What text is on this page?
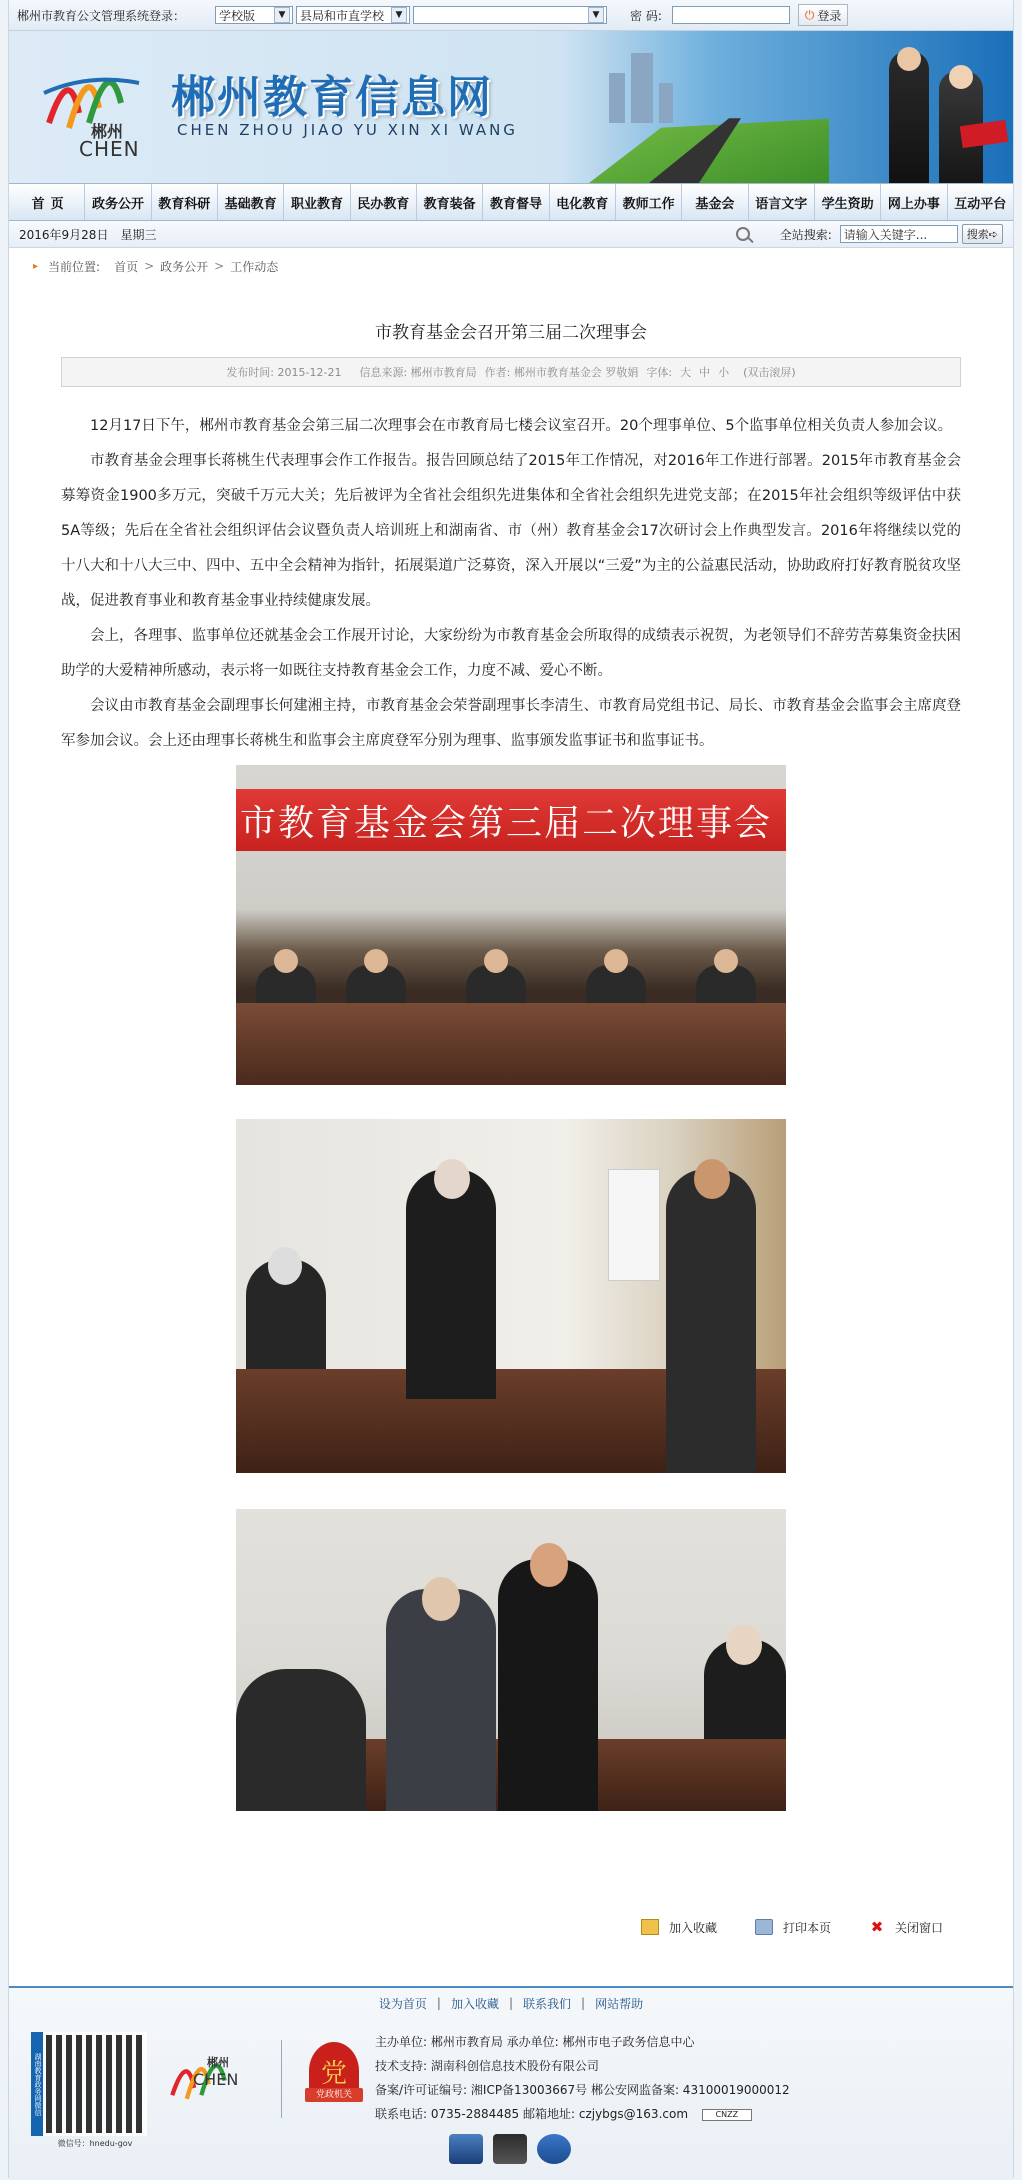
郴州市教育公文管理系统登录：	学校版	▼	县局和市直学校	▼	▼	密 码:	⏻ 登录
郴州
CHEN
郴州教育信息网
CHEN ZHOU JIAO YU XIN XI WANG
首页	政务公开	教育科研	基础教育	职业教育	民办教育	教育装备	教育督导	电化教育	教师工作	基金会	语言文字	学生资助	网上办事	互动平台
2016年9月28日 星期三	全站搜索: 请输入关键字...	搜索 ➪
▸ 当前位置: 首页 > 政务公开 > 工作动态
市教育基金会召开第三届二次理事会
发布时间: 2015-12-21 信息来源: 郴州市教育局 作者: 郴州市教育基金会 罗敬娟 字体: 大 中 小 (双击滚屏)

12月17日下午，郴州市教育基金会第三届二次理事会在市教育局七楼会议室召开。20个理事单位、5个监事单位相关负责人参加会议。

市教育基金会理事长蒋桃生代表理事会作工作报告。报告回顾总结了2015年工作情况，对2016年工作进行部署。2015年市教育基金会募筹资金1900多万元，突破千万元大关；先后被评为全省社会组织先进集体和全省社会组织先进党支部；在2015年社会组织等级评估中获5A等级；先后在全省社会组织评估会议暨负责人培训班上和湖南省、市（州）教育基金会17次研讨会上作典型发言。2016年将继续以党的十八大和十八大三中、四中、五中全会精神为指针，拓展渠道广泛募资，深入开展以“三爱”为主的公益惠民活动，协助政府打好教育脱贫攻坚战，促进教育事业和教育基金事业持续健康发展。

会上，各理事、监事单位还就基金会工作展开讨论，大家纷纷为市教育基金会所取得的成绩表示祝贺，为老领导们不辞劳苦募集资金扶困助学的大爱精神所感动，表示将一如既往支持教育基金会工作，力度不减、爱心不断。

会议由市教育基金会副理事长何建湘主持，市教育基金会荣誉副理事长李清生、市教育局党组书记、局长、市教育基金会监事会主席庹登军参加会议。会上还由理事长蒋桃生和监事会主席庹登军分别为理事、监事颁发监事证书和监事证书。

市教育基金会第三届二次理事会
加入收藏	打印本页	✖ 关闭窗口
设为首页 | 加入收藏 | 联系我们 | 网站帮助
湖南教育政务网微信
微信号：hnedu-gov
郴州
CHEN	党
党政机关
主办单位: 郴州市教育局 承办单位: 郴州市电子政务信息中心
技术支持: 湖南科创信息技术股份有限公司
备案/许可证编号: 湘ICP备13003667号 郴公安网监备案: 43100019000012
联系电话: 0735-2884485 邮箱地址: czjybgs@163.com	CNZZ
